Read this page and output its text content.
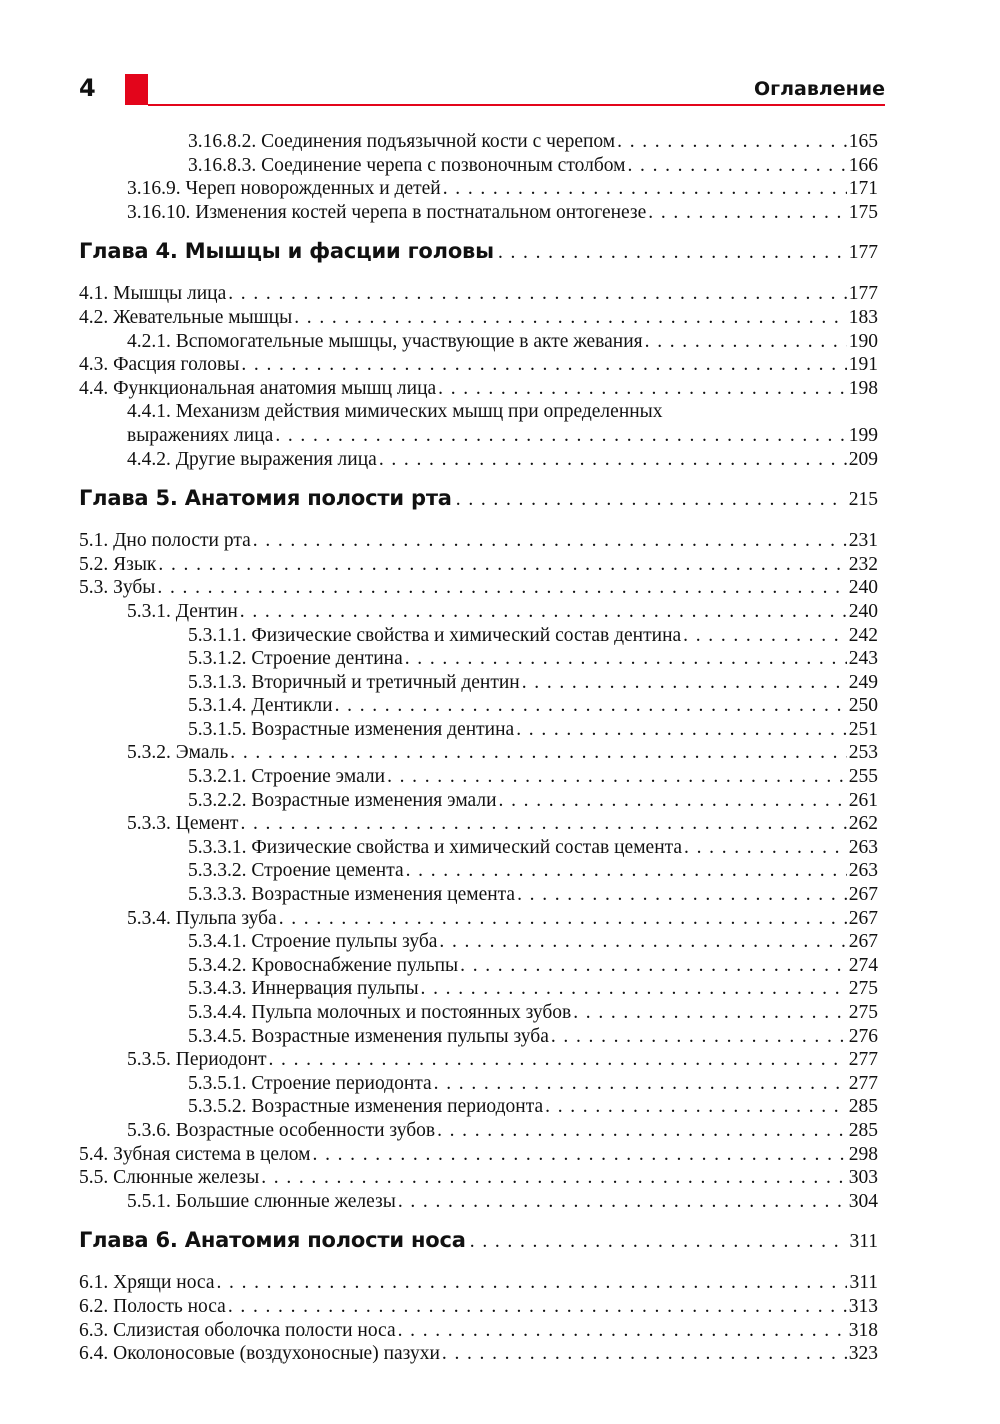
4	Оглавление
3.16.8.2. Соединения подъязычной кости с черепом . . .	165
3.16.8.3. Соединение черепа с позвоночным столбом . . .	166
3.16.9. Череп новорожденных и детей . . .	171
3.16.10. Изменения костей черепа в постнатальном онтогенезе . . .	175
Глава 4. Мышцы и фасции головы . . .	177
4.1. Мышцы лица . . .	177
4.2. Жевательные мышцы . . .	183
4.2.1. Вспомогательные мышцы, участвующие в акте жевания . . .	190
4.3. Фасция головы . . .	191
4.4. Функциональная анатомия мышц лица . . .	198
4.4.1. Механизм действия мимических мышц при определенных
выражениях лица . . .	199
4.4.2. Другие выражения лица . . .	209
Глава 5. Анатомия полости рта . . .	215
5.1. Дно полости рта . . .	231
5.2. Язык . . .	232
5.3. Зубы . . .	240
5.3.1. Дентин . . .	240
5.3.1.1. Физические свойства и химический состав дентина . . .	242
5.3.1.2. Строение дентина . . .	243
5.3.1.3. Вторичный и третичный дентин . . .	249
5.3.1.4. Дентикли . . .	250
5.3.1.5. Возрастные изменения дентина . . .	251
5.3.2. Эмаль . . .	253
5.3.2.1. Строение эмали . . .	255
5.3.2.2. Возрастные изменения эмали . . .	261
5.3.3. Цемент . . .	262
5.3.3.1. Физические свойства и химический состав цемента . . .	263
5.3.3.2. Строение цемента . . .	263
5.3.3.3. Возрастные изменения цемента . . .	267
5.3.4. Пульпа зуба . . .	267
5.3.4.1. Строение пульпы зуба . . .	267
5.3.4.2. Кровоснабжение пульпы . . .	274
5.3.4.3. Иннервация пульпы . . .	275
5.3.4.4. Пульпа молочных и постоянных зубов . . .	275
5.3.4.5. Возрастные изменения пульпы зуба . . .	276
5.3.5. Периодонт . . .	277
5.3.5.1. Строение периодонта . . .	277
5.3.5.2. Возрастные изменения периодонта . . .	285
5.3.6. Возрастные особенности зубов . . .	285
5.4. Зубная система в целом . . .	298
5.5. Слюнные железы . . .	303
5.5.1. Большие слюнные железы . . .	304
Глава 6. Анатомия полости носа . . .	311
6.1. Хрящи носа . . .	311
6.2. Полость носа . . .	313
6.3. Слизистая оболочка полости носа . . .	318
6.4. Околоносовые (воздухоносные) пазухи . . .	323
